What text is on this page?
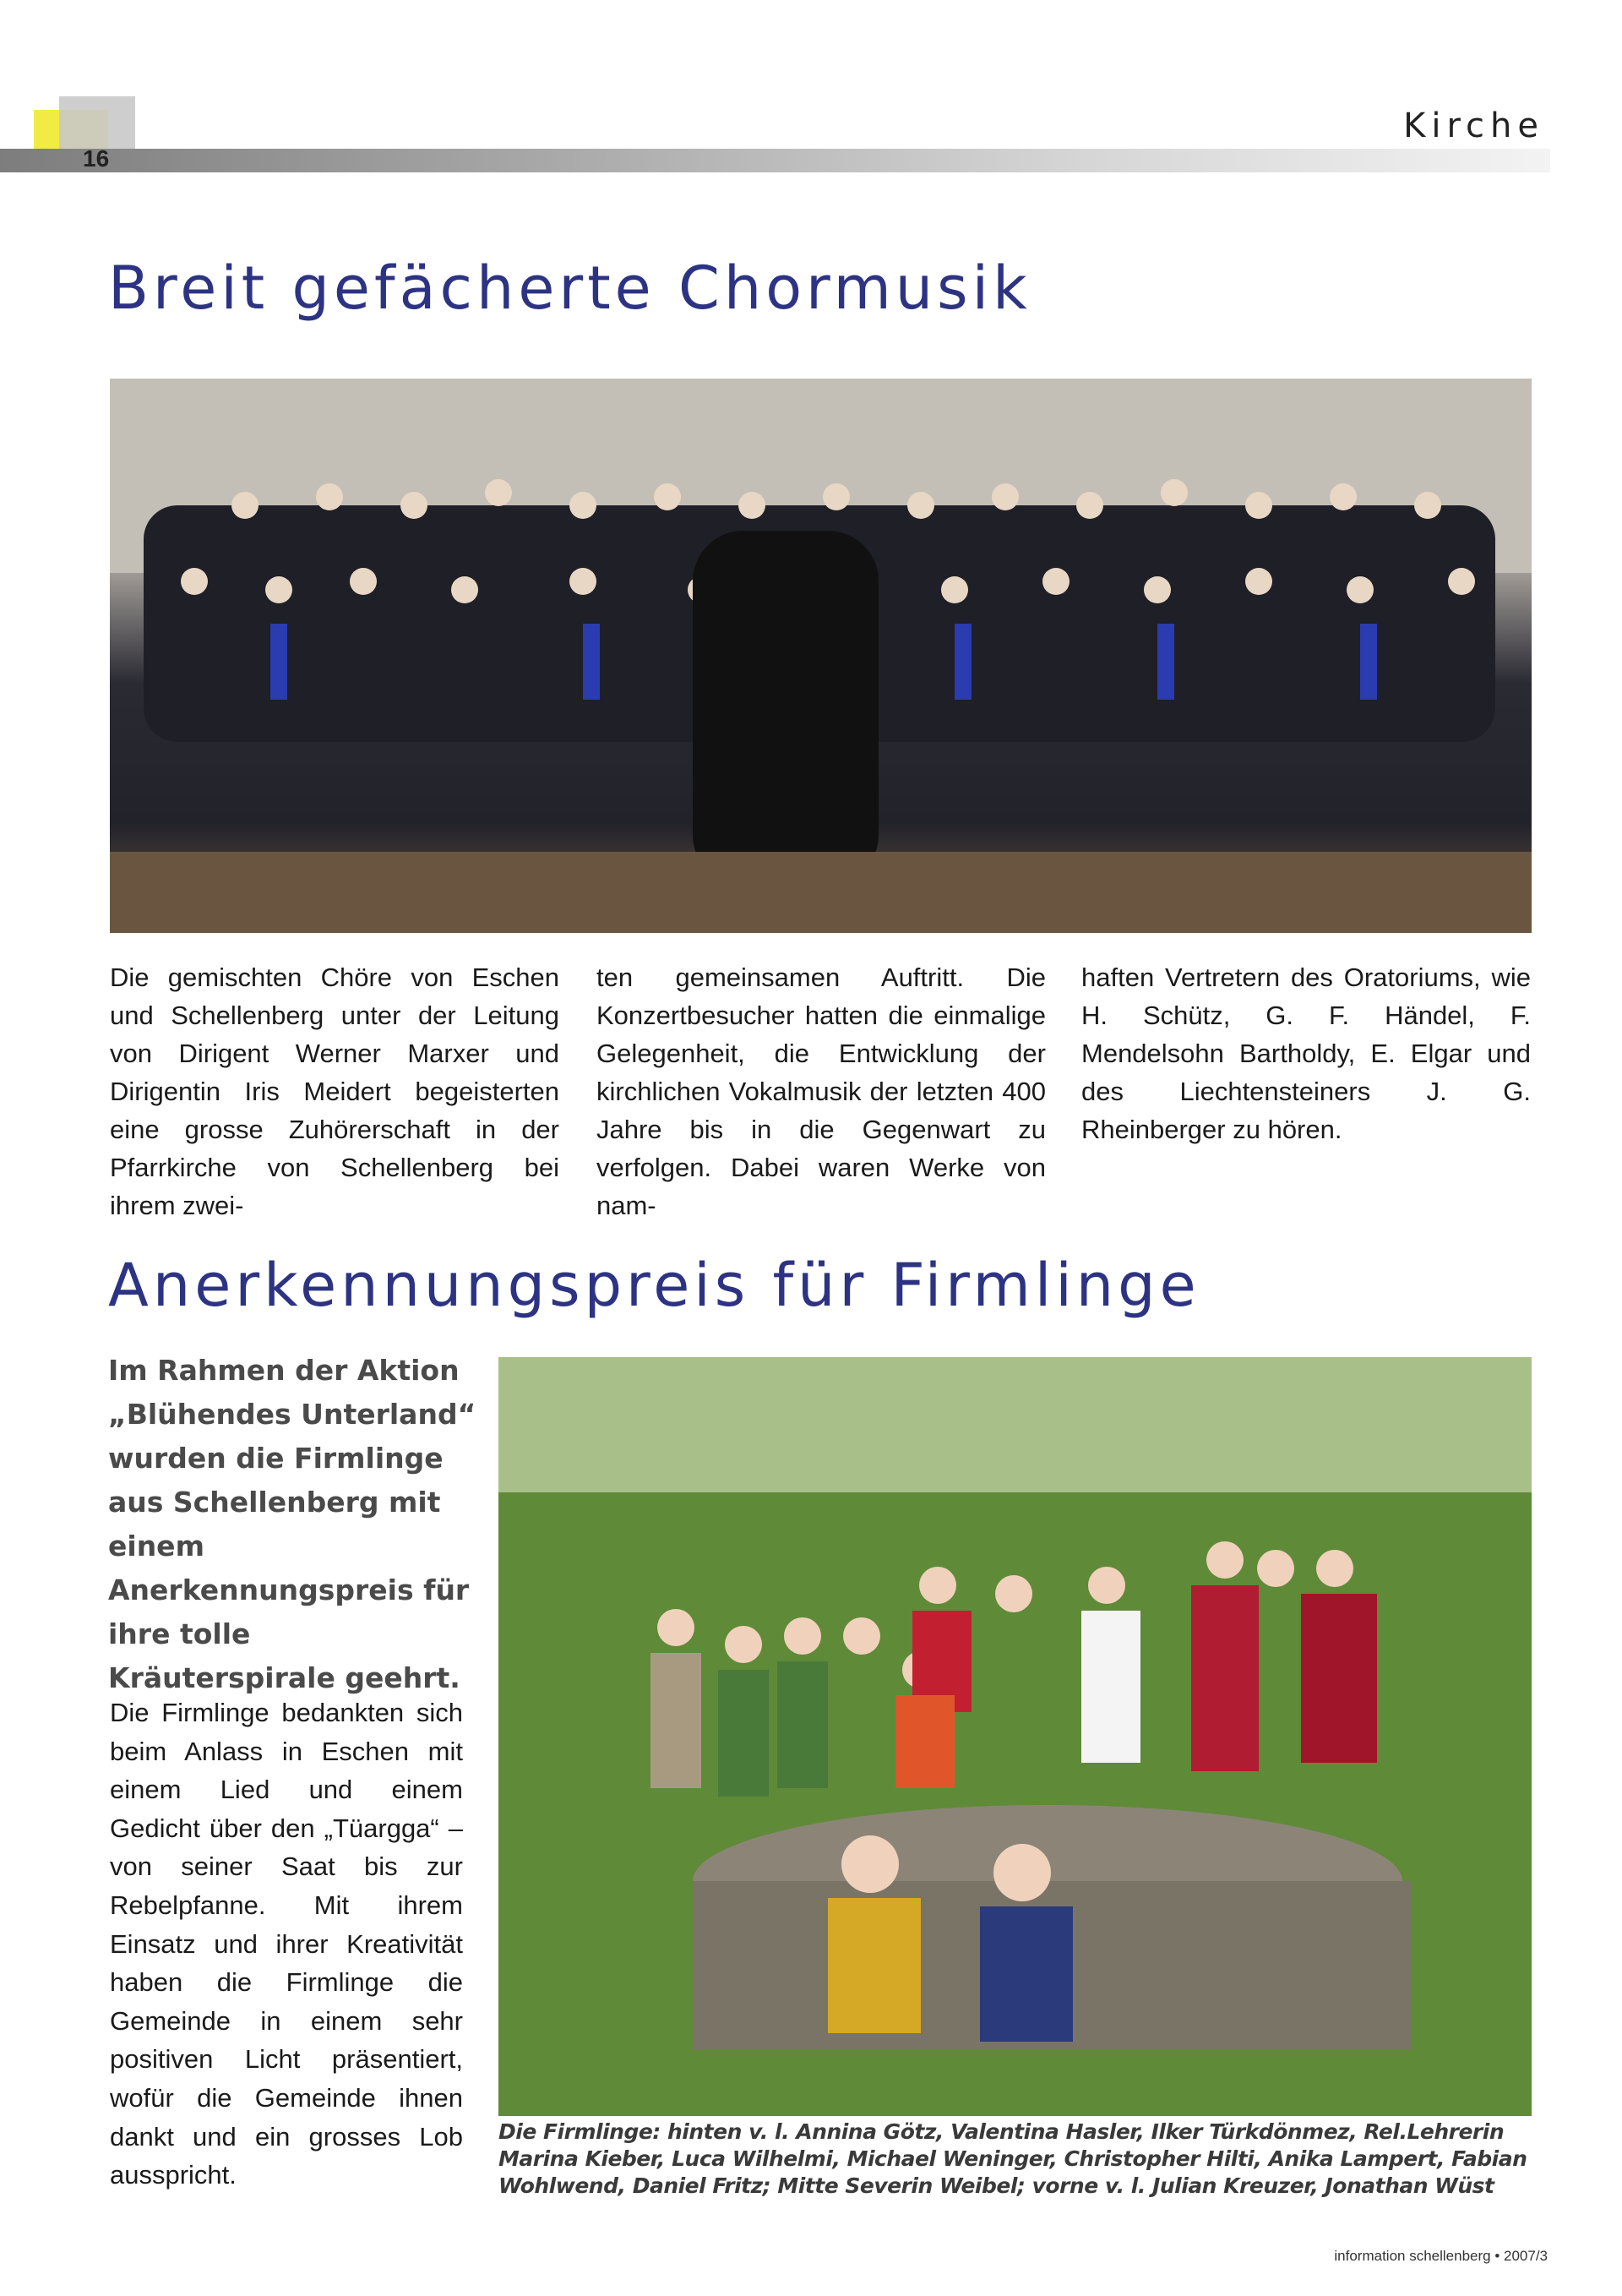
16
Kirche
Breit gefächerte Chormusik

Die gemischten Chöre von Eschen und Schellenberg unter der Leitung von Dirigent Werner Marxer und Dirigentin Iris Meidert begeisterten eine grosse Zuhörerschaft in der Pfarrkirche von Schellenberg bei ihrem zwei-

ten gemeinsamen Auftritt. Die Konzertbesucher hatten die einmalige Gelegenheit, die Entwicklung der kirchlichen Vokalmusik der letzten 400 Jahre bis in die Gegenwart zu verfolgen. Dabei waren Werke von nam-

haften Vertretern des Oratoriums, wie H. Schütz, G. F. Händel, F. Mendelsohn Bartholdy, E. Elgar und des Liechtensteiners J. G. Rheinberger zu hören.

Anerkennungspreis für Firmlinge

Im Rahmen der Aktion „Blühendes Unterland“ wurden die Firmlinge aus Schellenberg mit einem Anerkennungspreis für ihre tolle Kräuterspirale geehrt.

Die Firmlinge bedankten sich beim Anlass in Eschen mit einem Lied und einem Gedicht über den „Tüargga“ – von seiner Saat bis zur Rebelpfanne. Mit ihrem Einsatz und ihrer Kreativität haben die Firmlinge die Gemeinde in einem sehr positiven Licht präsentiert, wofür die Gemeinde ihnen dankt und ein grosses Lob ausspricht.

Die Firmlinge: hinten v. l. Annina Götz, Valentina Hasler, Ilker Türkdönmez, Rel.Lehrerin Marina Kieber, Luca Wilhelmi, Michael Weninger, Christopher Hilti, Anika Lampert, Fabian Wohlwend, Daniel Fritz; Mitte Severin Weibel; vorne v. l. Julian Kreuzer, Jonathan Wüst

information schellenberg • 2007/3
